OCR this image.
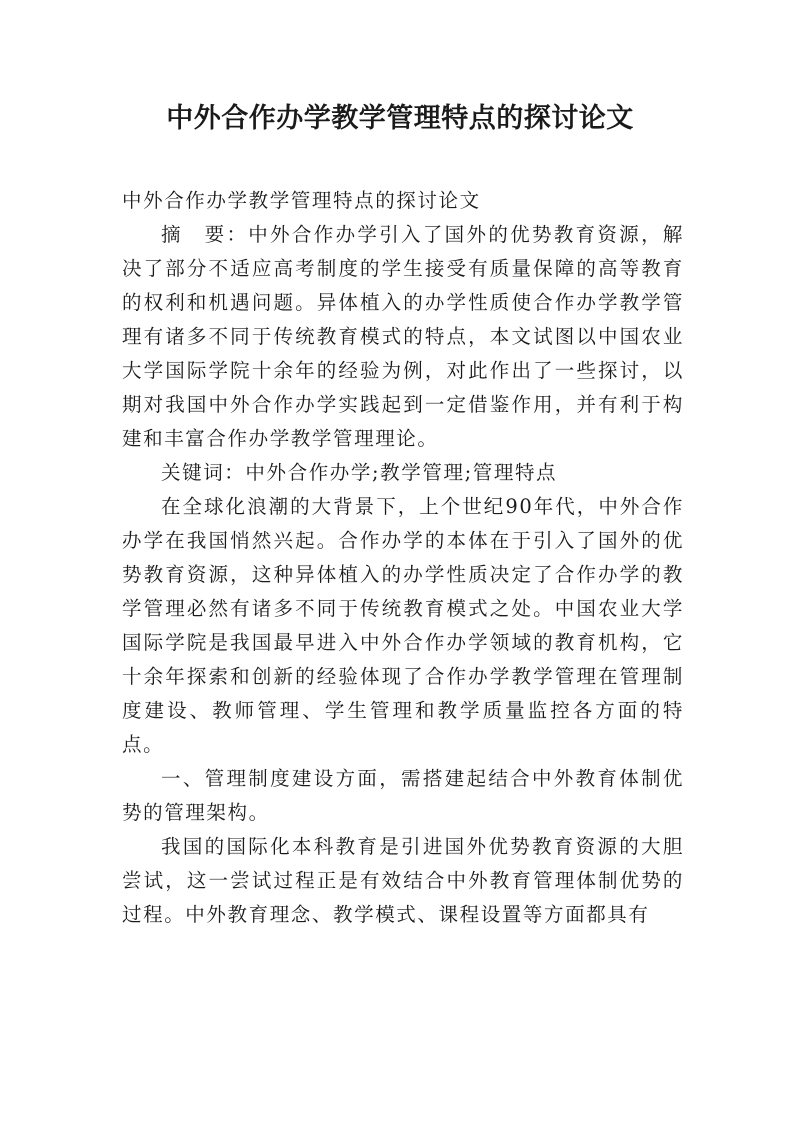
中外合作办学教学管理特点的探讨论文

中外合作办学教学管理特点的探讨论文

摘　要：中外合作办学引入了国外的优势教育资源，解决了部分不适应高考制度的学生接受有质量保障的高等教育的权利和机遇问题。异体植入的办学性质使合作办学教学管理有诸多不同于传统教育模式的特点，本文试图以中国农业大学国际学院十余年的经验为例，对此作出了一些探讨，以期对我国中外合作办学实践起到一定借鉴作用，并有利于构建和丰富合作办学教学管理理论。

关键词：中外合作办学;教学管理;管理特点

在全球化浪潮的大背景下，上个世纪90年代，中外合作办学在我国悄然兴起。合作办学的本体在于引入了国外的优势教育资源，这种异体植入的办学性质决定了合作办学的教学管理必然有诸多不同于传统教育模式之处。中国农业大学国际学院是我国最早进入中外合作办学领域的教育机构，它十余年探索和创新的经验体现了合作办学教学管理在管理制度建设、教师管理、学生管理和教学质量监控各方面的特点。

一、管理制度建设方面，需搭建起结合中外教育体制优势的管理架构。

我国的国际化本科教育是引进国外优势教育资源的大胆尝试，这一尝试过程正是有效结合中外教育管理体制优势的过程。中外教育理念、教学模式、课程设置等方面都具有
